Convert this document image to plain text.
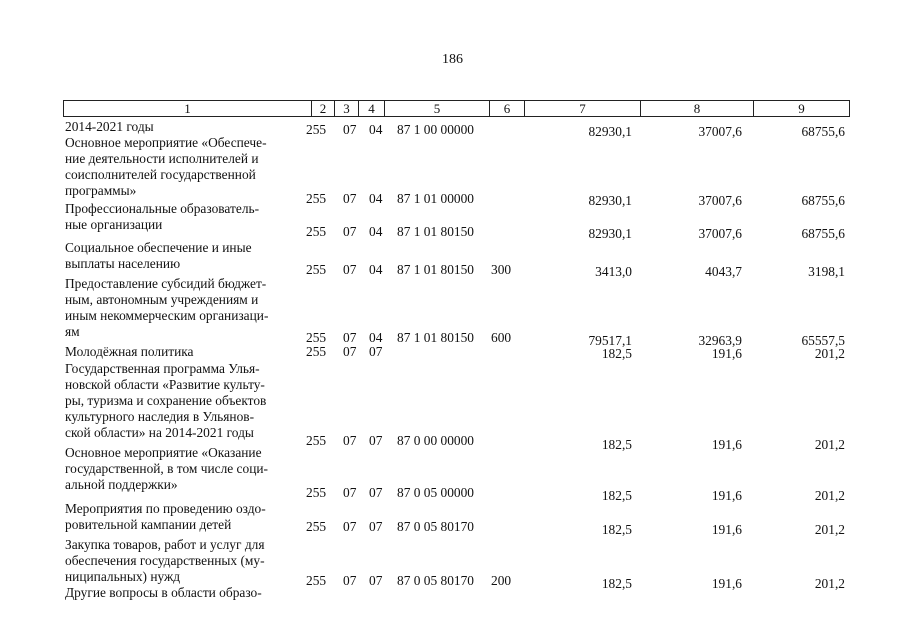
186
1	2	3	4	5	6	7	8	9
2014-2021 годы	255 07 04 87 1 00 00000	82930,1	37007,6	68755,6
Основное мероприятие «Обеспече-
ние деятельности исполнителей и
соисполнителей государственной
программы»
255 07 04 87 1 01 00000	82930,1	37007,6	68755,6
Профессиональные образователь-
ные организации	255 07 04 87 1 01 80150	82930,1	37007,6	68755,6
Социальное обеспечение и иные
выплаты населению	255 07 04 87 1 01 80150 300	3413,0	4043,7	3198,1
Предоставление субсидий бюджет-
ным, автономным учреждениям и
иным некоммерческим организаци-
ям	255 07 04 87 1 01 80150 600	79517,1	32963,9	65557,5
Молодёжная политика	255 07 07	182,5	191,6	201,2
Государственная программа Улья-
новской области «Развитие культу-
ры, туризма и сохранение объектов
культурного наследия в Ульянов-
ской области» на 2014-2021 годы
255 07 07 87 0 00 00000	182,5	191,6	201,2
Основное мероприятие «Оказание
государственной, в том числе соци-
альной поддержки»
255 07 07 87 0 05 00000	182,5	191,6	201,2
Мероприятия по проведению оздо-
ровительной кампании детей	255 07 07 87 0 05 80170	182,5	191,6	201,2
Закупка товаров, работ и услуг для
обеспечения государственных (му-
ниципальных) нужд	255 07 07 87 0 05 80170 200	182,5	191,6	201,2
Другие вопросы в области образо-
